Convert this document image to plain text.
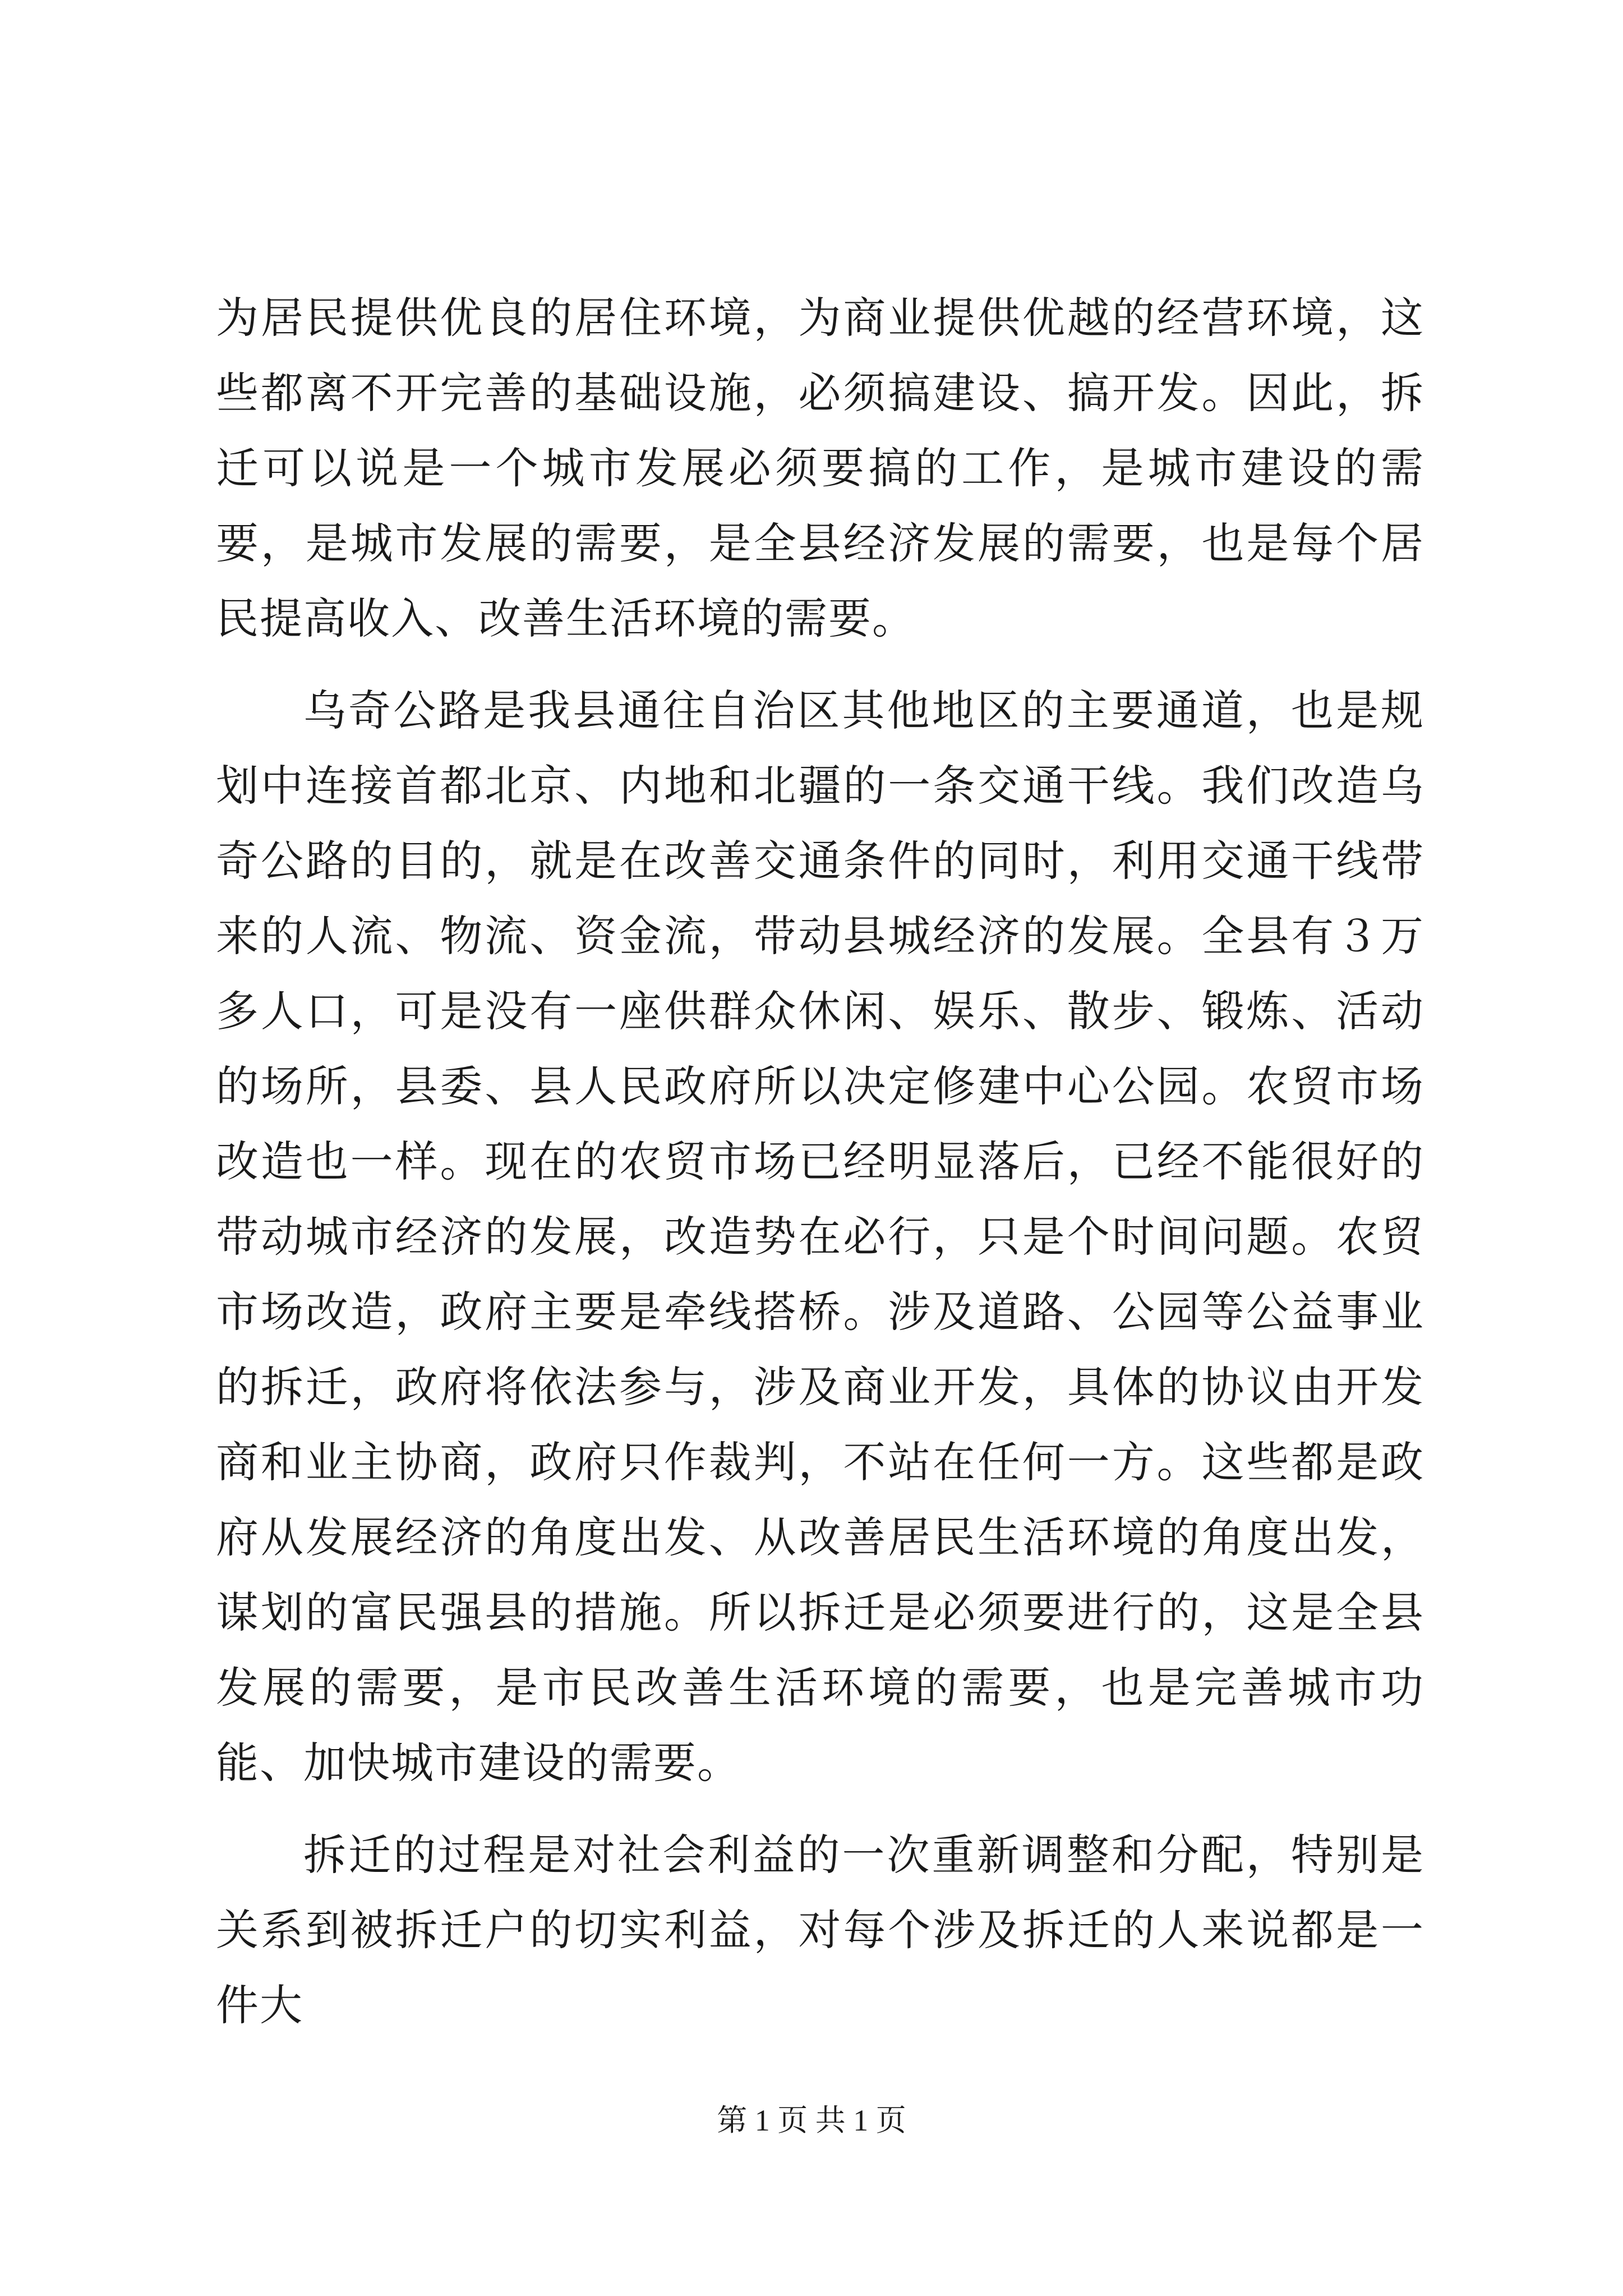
为居民提供优良的居住环境，为商业提供优越的经营环境，这些都离不开完善的基础设施，必须搞建设、搞开发。因此，拆迁可以说是一个城市发展必须要搞的工作，是城市建设的需要，是城市发展的需要，是全县经济发展的需要，也是每个居民提高收入、改善生活环境的需要。

乌奇公路是我县通往自治区其他地区的主要通道，也是规划中连接首都北京、内地和北疆的一条交通干线。我们改造乌奇公路的目的，就是在改善交通条件的同时，利用交通干线带来的人流、物流、资金流，带动县城经济的发展。全县有３万多人口，可是没有一座供群众休闲、娱乐、散步、锻炼、活动的场所，县委、县人民政府所以决定修建中心公园。农贸市场改造也一样。现在的农贸市场已经明显落后，已经不能很好的带动城市经济的发展，改造势在必行，只是个时间问题。农贸市场改造，政府主要是牵线搭桥。涉及道路、公园等公益事业的拆迁，政府将依法参与，涉及商业开发，具体的协议由开发商和业主协商，政府只作裁判，不站在任何一方。这些都是政府从发展经济的角度出发、从改善居民生活环境的角度出发，谋划的富民强县的措施。所以拆迁是必须要进行的，这是全县发展的需要，是市民改善生活环境的需要，也是完善城市功能、加快城市建设的需要。

拆迁的过程是对社会利益的一次重新调整和分配，特别是关系到被拆迁户的切实利益，对每个涉及拆迁的人来说都是一件大

第 1 页 共 1 页
